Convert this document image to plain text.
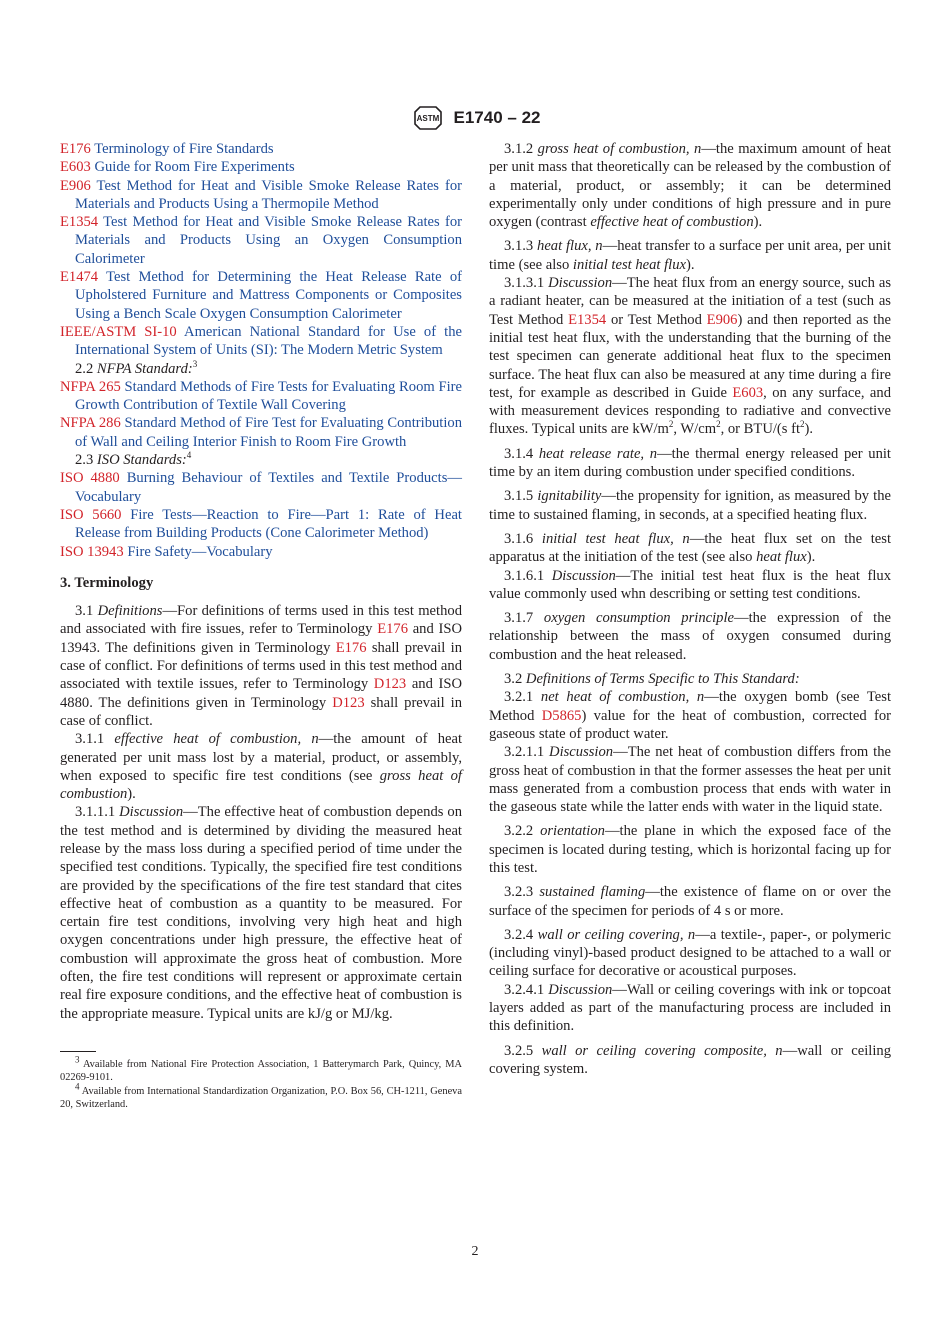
ASTM E1740 – 22

E176 Terminology of Fire Standards

E603 Guide for Room Fire Experiments

E906 Test Method for Heat and Visible Smoke Release Rates for Materials and Products Using a Thermopile Method

E1354 Test Method for Heat and Visible Smoke Release Rates for Materials and Products Using an Oxygen Consumption Calorimeter

E1474 Test Method for Determining the Heat Release Rate of Upholstered Furniture and Mattress Components or Composites Using a Bench Scale Oxygen Consumption Calorimeter

IEEE/ASTM SI-10 American National Standard for Use of the International System of Units (SI): The Modern Metric System

2.2 NFPA Standard:$^3$

NFPA 265 Standard Methods of Fire Tests for Evaluating Room Fire Growth Contribution of Textile Wall Covering

NFPA 286 Standard Method of Fire Test for Evaluating Contribution of Wall and Ceiling Interior Finish to Room Fire Growth

2.3 ISO Standards:$^4$

ISO 4880 Burning Behaviour of Textiles and Textile Products—Vocabulary

ISO 5660 Fire Tests—Reaction to Fire—Part 1: Rate of Heat Release from Building Products (Cone Calorimeter Method)

ISO 13943 Fire Safety—Vocabulary

3. Terminology

3.1 Definitions—For definitions of terms used in this test method and associated with fire issues, refer to Terminology E176 and ISO 13943. The definitions given in Terminology E176 shall prevail in case of conflict. For definitions of terms used in this test method and associated with textile issues, refer to Terminology D123 and ISO 4880. The definitions given in Terminology D123 shall prevail in case of conflict.

3.1.1 effective heat of combustion, n—the amount of heat generated per unit mass lost by a material, product, or assembly, when exposed to specific fire test conditions (see gross heat of combustion).

3.1.1.1 Discussion—The effective heat of combustion depends on the test method and is determined by dividing the measured heat release by the mass loss during a specified period of time under the specified test conditions. Typically, the specified fire test conditions are provided by the specifications of the fire test standard that cites effective heat of combustion as a quantity to be measured. For certain fire test conditions, involving very high heat and high oxygen concentrations under high pressure, the effective heat of combustion will approximate the gross heat of combustion. More often, the fire test conditions will represent or approximate certain real fire exposure conditions, and the effective heat of combustion is the appropriate measure. Typical units are kJ/g or MJ/kg.

$^3$ Available from National Fire Protection Association, 1 Batterymarch Park, Quincy, MA 02269-9101.

$^4$ Available from International Standardization Organization, P.O. Box 56, CH-1211, Geneva 20, Switzerland.

3.1.2 gross heat of combustion, n—the maximum amount of heat per unit mass that theoretically can be released by the combustion of a material, product, or assembly; it can be determined experimentally only under conditions of high pressure and in pure oxygen (contrast effective heat of combustion).

3.1.3 heat flux, n—heat transfer to a surface per unit area, per unit time (see also initial test heat flux).

3.1.3.1 Discussion—The heat flux from an energy source, such as a radiant heater, can be measured at the initiation of a test (such as Test Method E1354 or Test Method E906) and then reported as the initial test heat flux, with the understanding that the burning of the test specimen can generate additional heat flux to the specimen surface. The heat flux can also be measured at any time during a fire test, for example as described in Guide E603, on any surface, and with measurement devices responding to radiative and convective fluxes. Typical units are $kW/m^2$, $W/cm^2$, or BTU/(s $ft^2$).

3.1.4 heat release rate, n—the thermal energy released per unit time by an item during combustion under specified conditions.

3.1.5 ignitability—the propensity for ignition, as measured by the time to sustained flaming, in seconds, at a specified heating flux.

3.1.6 initial test heat flux, n—the heat flux set on the test apparatus at the initiation of the test (see also heat flux).

3.1.6.1 Discussion—The initial test heat flux is the heat flux value commonly used whn describing or setting test conditions.

3.1.7 oxygen consumption principle—the expression of the relationship between the mass of oxygen consumed during combustion and the heat released.

3.2 Definitions of Terms Specific to This Standard:

3.2.1 net heat of combustion, n—the oxygen bomb (see Test Method D5865) value for the heat of combustion, corrected for gaseous state of product water.

3.2.1.1 Discussion—The net heat of combustion differs from the gross heat of combustion in that the former assesses the heat per unit mass generated from a combustion process that ends with water in the gaseous state while the latter ends with water in the liquid state.

3.2.2 orientation—the plane in which the exposed face of the specimen is located during testing, which is horizontal facing up for this test.

3.2.3 sustained flaming—the existence of flame on or over the surface of the specimen for periods of 4 s or more.

3.2.4 wall or ceiling covering, n—a textile-, paper-, or polymeric (including vinyl)-based product designed to be attached to a wall or ceiling surface for decorative or acoustical purposes.

3.2.4.1 Discussion—Wall or ceiling coverings with ink or topcoat layers added as part of the manufacturing process are included in this definition.

3.2.5 wall or ceiling covering composite, n—wall or ceiling covering system.

2
